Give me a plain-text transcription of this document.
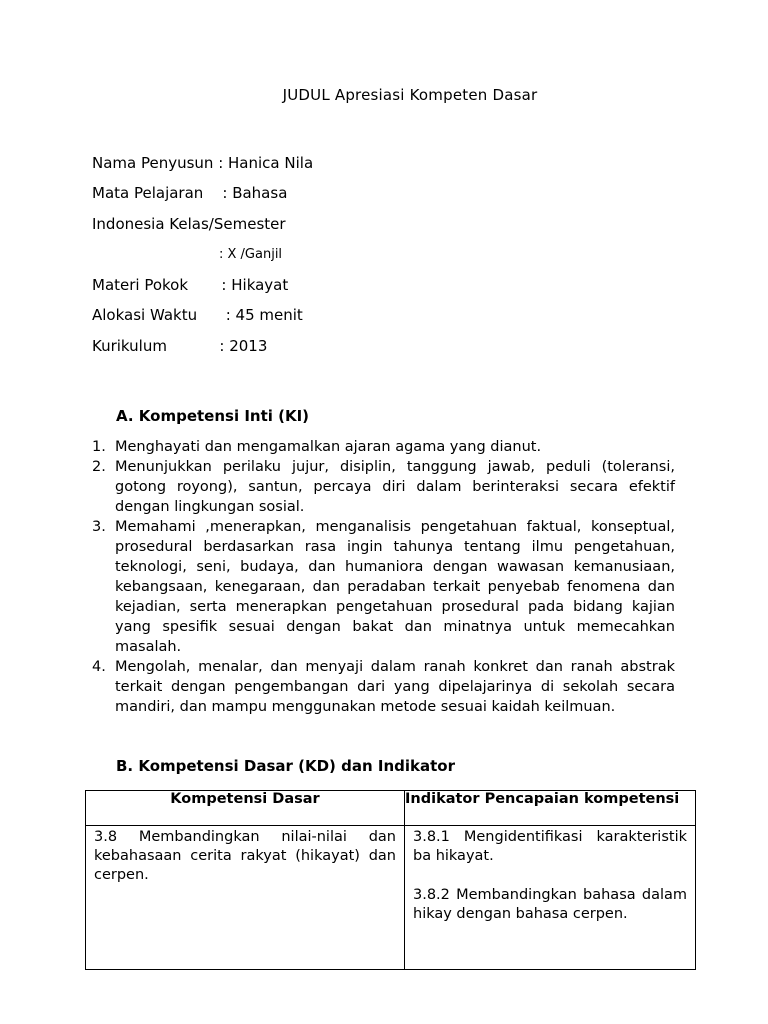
JUDUL Apresiasi Kompeten Dasar
Nama Penyusun : Hanica Nila
Mata Pelajaran    : Bahasa
Indonesia Kelas/Semester
: X /Ganjil
Materi Pokok       : Hikayat
Alokasi Waktu      : 45 menit
Kurikulum           : 2013
A. Kompetensi Inti (KI)
1. Menghayati dan mengamalkan ajaran agama yang dianut.
2. Menunjukkan perilaku jujur, disiplin, tanggung jawab, peduli (toleransi, gotong royong), santun, percaya diri dalam berinteraksi secara efektif dengan lingkungan sosial.
3. Memahami ,menerapkan, menganalisis pengetahuan faktual, konseptual, prosedural berdasarkan rasa ingin tahunya tentang ilmu pengetahuan, teknologi, seni, budaya, dan humaniora dengan wawasan kemanusiaan, kebangsaan, kenegaraan, dan peradaban terkait penyebab fenomena dan kejadian, serta menerapkan pengetahuan prosedural pada bidang kajian yang spesifik sesuai dengan bakat dan minatnya untuk memecahkan masalah.
4. Mengolah, menalar, dan menyaji dalam ranah konkret dan ranah abstrak terkait dengan pengembangan dari yang dipelajarinya di sekolah secara mandiri, dan mampu menggunakan metode sesuai kaidah keilmuan.
B. Kompetensi Dasar (KD) dan Indikator
Kompetensi Dasar	Indikator Pencapaian kompetensi

3.8 Membandingkan nilai-nilai dan kebahasaan cerita rakyat (hikayat) dan cerpen.	3.8.1 Mengidentifikasi karakteristik ba hikayat.
3.8.2 Membandingkan bahasa dalam hikay dengan bahasa cerpen.
